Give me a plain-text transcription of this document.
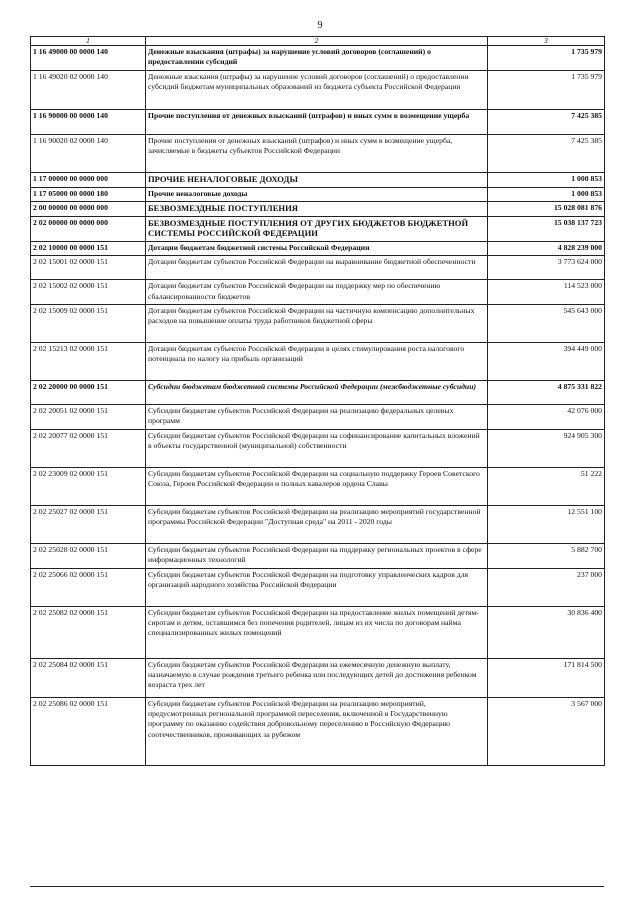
9
1	2	3
1 16 49000 00 0000 140	Денежные взыскания (штрафы) за нарушение условий договоров (соглашений) о предоставлении субсидий	1 735 979
1 16 49020 02 0000 140	Денежные взыскания (штрафы) за нарушение условий договоров (соглашений) о предоставлении субсидий бюджетам муниципальных образований из бюджета субъекта Российской Федерации	1 735 979
1 16 90000 00 0000 140	Прочие поступления от денежных взысканий (штрафов) и иных сумм в возмещение ущерба	7 425 385
1 16 90020 02 0000 140	Прочие поступления от денежных взысканий (штрафов) и иных сумм в возмещение ущерба, зачисляемые в бюджеты субъектов Российской Федерации	7 425 385
1 17 00000 00 0000 000	ПРОЧИЕ НЕНАЛОГОВЫЕ ДОХОДЫ	1 000 853
1 17 05000 00 0000 180	Прочие неналоговые доходы	1 000 853
2 00 00000 00 0000 000	БЕЗВОЗМЕЗДНЫЕ ПОСТУПЛЕНИЯ	15 028 081 876
2 02 00000 00 0000 000	БЕЗВОЗМЕЗДНЫЕ ПОСТУПЛЕНИЯ ОТ ДРУГИХ БЮДЖЕТОВ БЮДЖЕТНОЙ СИСТЕМЫ РОССИЙСКОЙ ФЕДЕРАЦИИ	15 038 137 723
2 02 10000 00 0000 151	Дотации бюджетам бюджетной системы Российской Федерации	4 828 239 000
2 02 15001 02 0000 151	Дотации бюджетам субъектов Российской Федерации на выравнивание бюджетной обеспеченности	3 773 624 000
2 02 15002 02 0000 151	Дотации бюджетам субъектов Российской Федерации на поддержку мер по обеспечению сбалансированности бюджетов	114 523 000
2 02 15009 02 0000 151	Дотации бюджетам субъектов Российской Федерации на частичную компенсацию дополнительных расходов на повышение оплаты труда работников бюджетной сферы	545 643 000
2 02 15213 02 0000 151	Дотации бюджетам субъектов Российской Федерации в целях стимулирования роста налогового потенциала по налогу на прибыль организаций	394 449 000
2 02 20000 00 0000 151	Субсидии бюджетам бюджетной системы Российской Федерации (межбюджетные субсидии)	4 875 331 822
2 02 20051 02 0000 151	Субсидии бюджетам субъектов Российской Федерации на реализацию федеральных целевых программ	42 076 000
2 02 20077 02 0000 151	Субсидии бюджетам субъектов Российской Федерации на софинансирование капитальных вложений в объекты государственной (муниципальной) собственности	924 905 300
2 02 23009 02 0000 151	Субсидии бюджетам субъектов Российской Федерации на социальную поддержку Героев Советского Союза, Героев Российской Федерации и полных кавалеров ордена Славы	51 222
2 02 25027 02 0000 151	Субсидии бюджетам субъектов Российской Федерации на реализацию мероприятий государственной программы Российской Федерации "Доступная среда" на 2011 - 2020 годы	12 551 100
2 02 25028 02 0000 151	Субсидии бюджетам субъектов Российской Федерации на поддержку региональных проектов в сфере информационных технологий	5 882 700
2 02 25066 02 0000 151	Субсидии бюджетам субъектов Российской Федерации на подготовку управленческих кадров для организаций народного хозяйства Российской Федерации	237 000
2 02 25082 02 0000 151	Субсидии бюджетам субъектов Российской Федерации на предоставление жилых помещений детям-сиротам и детям, оставшимся без попечения родителей, лицам из их числа по договорам найма специализированных жилых помещений	30 836 400
2 02 25084 02 0000 151	Субсидии бюджетам субъектов Российской Федерации на ежемесячную денежную выплату, назначаемую в случае рождения третьего ребенка или последующих детей до достижения ребенком возраста трех лет	171 814 500
2 02 25086 02 0000 151	Субсидии бюджетам субъектов Российской Федерации на реализацию мероприятий, предусмотренных региональной программой переселения, включенной в Государственную программу по оказанию содействия добровольному переселению в Российскую Федерацию соотечественников, проживающих за рубежом	3 567 000
